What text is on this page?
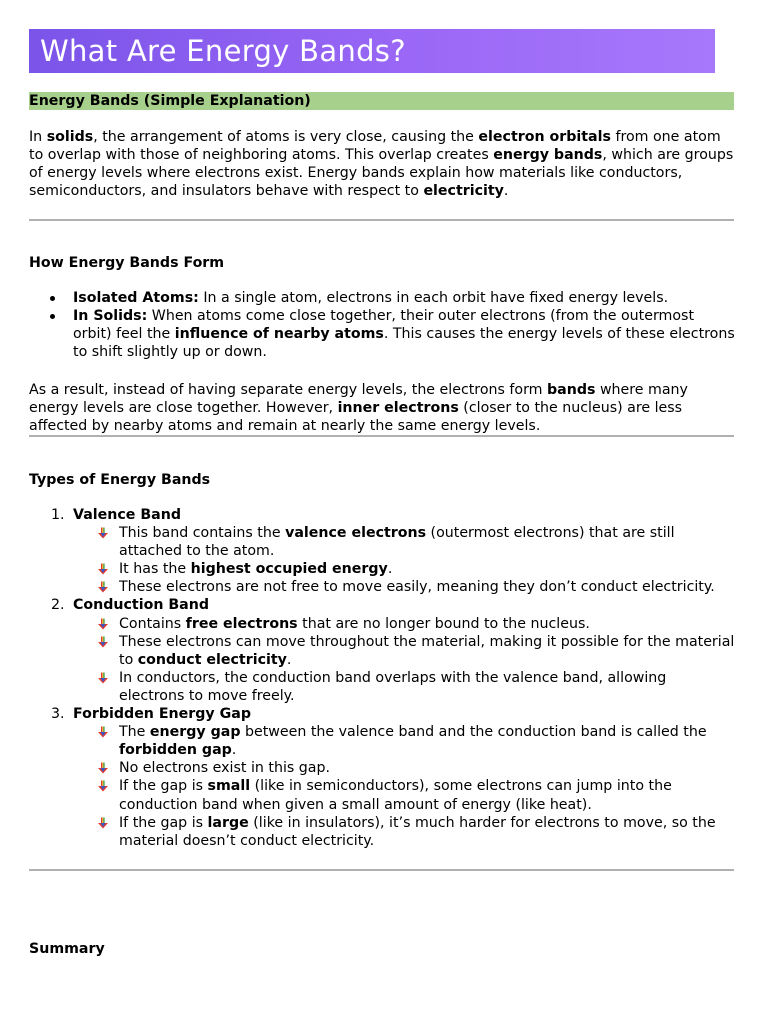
What Are Energy Bands?
Energy Bands (Simple Explanation)

In solids, the arrangement of atoms is very close, causing the electron orbitals from one atom to overlap with those of neighboring atoms. This overlap creates energy bands, which are groups of energy levels where electrons exist. Energy bands explain how materials like conductors, semiconductors, and insulators behave with respect to electricity.

How Energy Bands Form

Isolated Atoms: In a single atom, electrons in each orbit have fixed energy levels.
In Solids: When atoms come close together, their outer electrons (from the outermost orbit) feel the influence of nearby atoms. This causes the energy levels of these electrons to shift slightly up or down.

As a result, instead of having separate energy levels, the electrons form bands where many energy levels are close together. However, inner electrons (closer to the nucleus) are less affected by nearby atoms and remain at nearly the same energy levels.

Types of Energy Bands

1. Valence Band
This band contains the valence electrons (outermost electrons) that are still attached to the atom.
It has the highest occupied energy.
These electrons are not free to move easily, meaning they don’t conduct electricity.
2. Conduction Band
Contains free electrons that are no longer bound to the nucleus.
These electrons can move throughout the material, making it possible for the material to conduct electricity.
In conductors, the conduction band overlaps with the valence band, allowing electrons to move freely.
3. Forbidden Energy Gap
The energy gap between the valence band and the conduction band is called the forbidden gap.
No electrons exist in this gap.
If the gap is small (like in semiconductors), some electrons can jump into the conduction band when given a small amount of energy (like heat).
If the gap is large (like in insulators), it’s much harder for electrons to move, so the material doesn’t conduct electricity.

Summary
